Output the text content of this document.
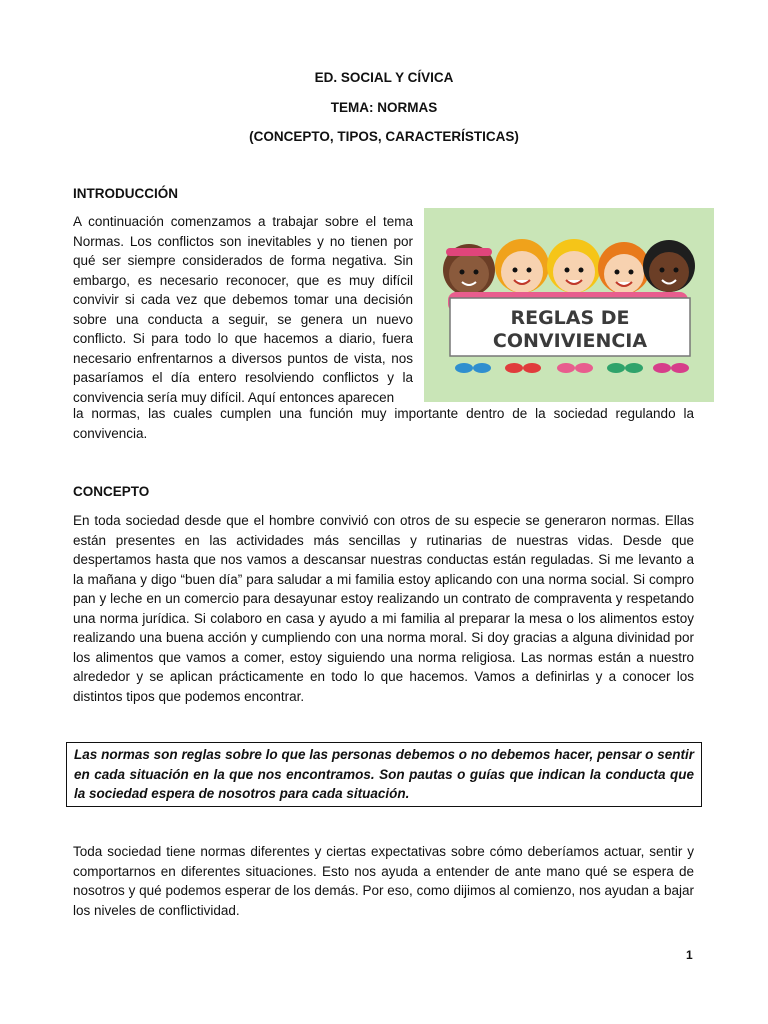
ED. SOCIAL Y CÍVICA
TEMA: NORMAS
(CONCEPTO, TIPOS, CARACTERÍSTICAS)
INTRODUCCIÓN

A continuación comenzamos a trabajar sobre el tema Normas. Los conflictos son inevitables y no tienen por qué ser siempre considerados de forma negativa. Sin embargo, es necesario reconocer, que es muy difícil convivir si cada vez que debemos tomar una decisión sobre una conducta a seguir, se genera un nuevo conflicto. Si para todo lo que hacemos a diario, fuera necesario enfrentarnos a diversos puntos de vista, nos pasaríamos el día entero resolviendo conflictos y la convivencia sería muy difícil. Aquí entonces aparecen

REGLAS DE
CONVIVIENCIA

la normas, las cuales cumplen una función muy importante dentro de la sociedad regulando la convivencia.

CONCEPTO

En toda sociedad desde que el hombre convivió con otros de su especie se generaron normas. Ellas están presentes en las actividades más sencillas y rutinarias de nuestras vidas. Desde que despertamos hasta que nos vamos a descansar nuestras conductas están reguladas. Si me levanto a la mañana y digo “buen día” para saludar a mi familia estoy aplicando con una norma social. Si compro pan y leche en un comercio para desayunar estoy realizando un contrato de compraventa y respetando una norma jurídica. Si colaboro en casa y ayudo a mi familia al preparar la mesa o los alimentos estoy realizando una buena acción y cumpliendo con una norma moral. Si doy gracias a alguna divinidad por los alimentos que vamos a comer, estoy siguiendo una norma religiosa. Las normas están a nuestro alrededor y se aplican prácticamente en todo lo que hacemos. Vamos a definirlas y a conocer los distintos tipos que podemos encontrar.

Las normas son reglas sobre lo que las personas debemos o no debemos hacer, pensar o sentir en cada situación en la que nos encontramos. Son pautas o guías que indican la conducta que la sociedad espera de nosotros para cada situación.

Toda sociedad tiene normas diferentes y ciertas expectativas sobre cómo deberíamos actuar, sentir y comportarnos en diferentes situaciones. Esto nos ayuda a entender de ante mano qué se espera de nosotros y qué podemos esperar de los demás. Por eso, como dijimos al comienzo, nos ayudan a bajar los niveles de conflictividad.

1
